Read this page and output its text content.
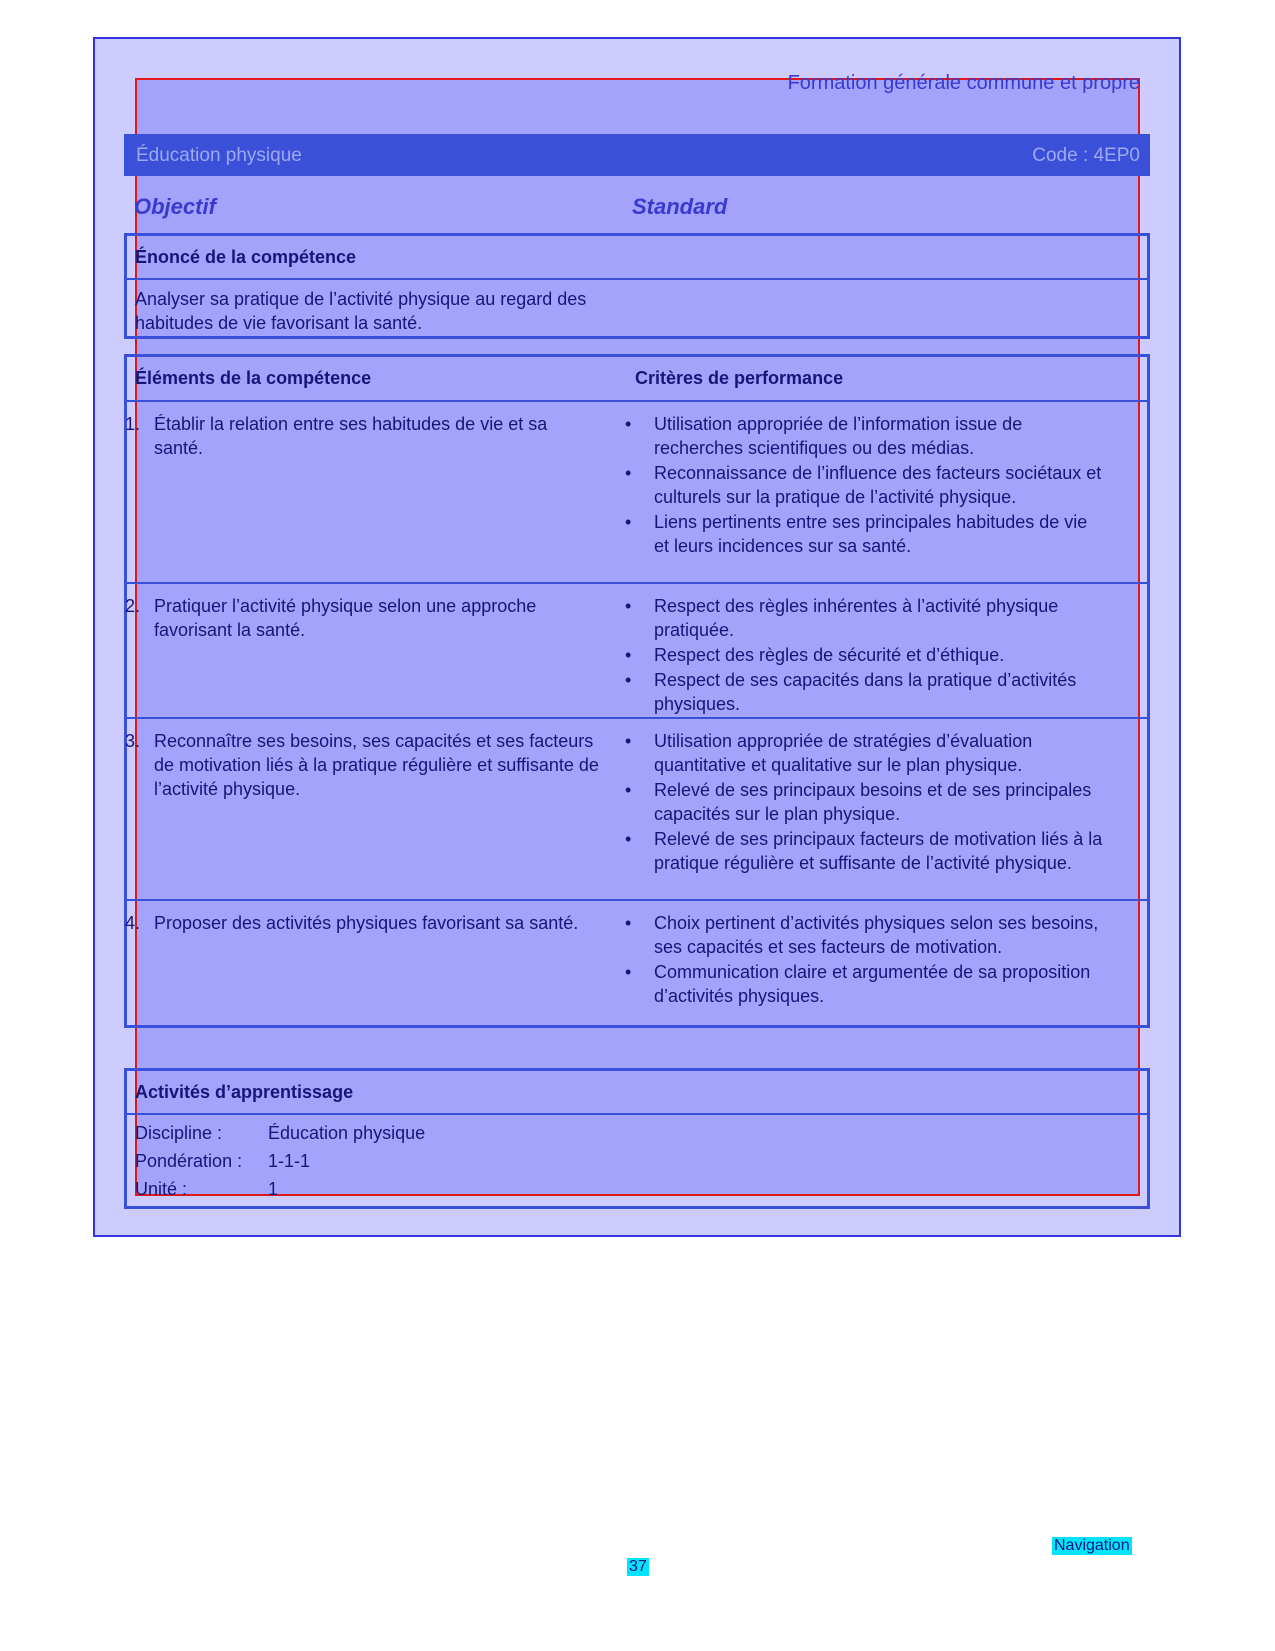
Formation générale commune et propre
Éducation physique	Code : 4EP0
Objectif	Standard
Énoncé de la compétence
Analyser sa pratique de l’activité physique au regard des habitudes de vie favorisant la santé.
Éléments de la compétence	Critères de performance
1. Établir la relation entre ses habitudes de vie et sa santé.
• Utilisation appropriée de l’information issue de recherches scientifiques ou des médias.
• Reconnaissance de l’influence des facteurs sociétaux et culturels sur la pratique de l’activité physique.
• Liens pertinents entre ses principales habitudes de vie et leurs incidences sur sa santé.
2. Pratiquer l’activité physique selon une approche favorisant la santé.
• Respect des règles inhérentes à l’activité physique pratiquée.
• Respect des règles de sécurité et d’éthique.
• Respect de ses capacités dans la pratique d’activités physiques.
3. Reconnaître ses besoins, ses capacités et ses facteurs de motivation liés à la pratique régulière et suffisante de l’activité physique.
• Utilisation appropriée de stratégies d’évaluation quantitative et qualitative sur le plan physique.
• Relevé de ses principaux besoins et de ses principales capacités sur le plan physique.
• Relevé de ses principaux facteurs de motivation liés à la pratique régulière et suffisante de l’activité physique.
4. Proposer des activités physiques favorisant sa santé.
•	Choix pertinent d’activités physiques selon ses besoins, ses capacités et ses facteurs de motivation.
• Communication claire et argumentée de sa proposition d’activités physiques.
Activités d’apprentissage
Discipline :	Éducation physique
Pondération : 1-1-1
Unité :	1
Navigation
37
